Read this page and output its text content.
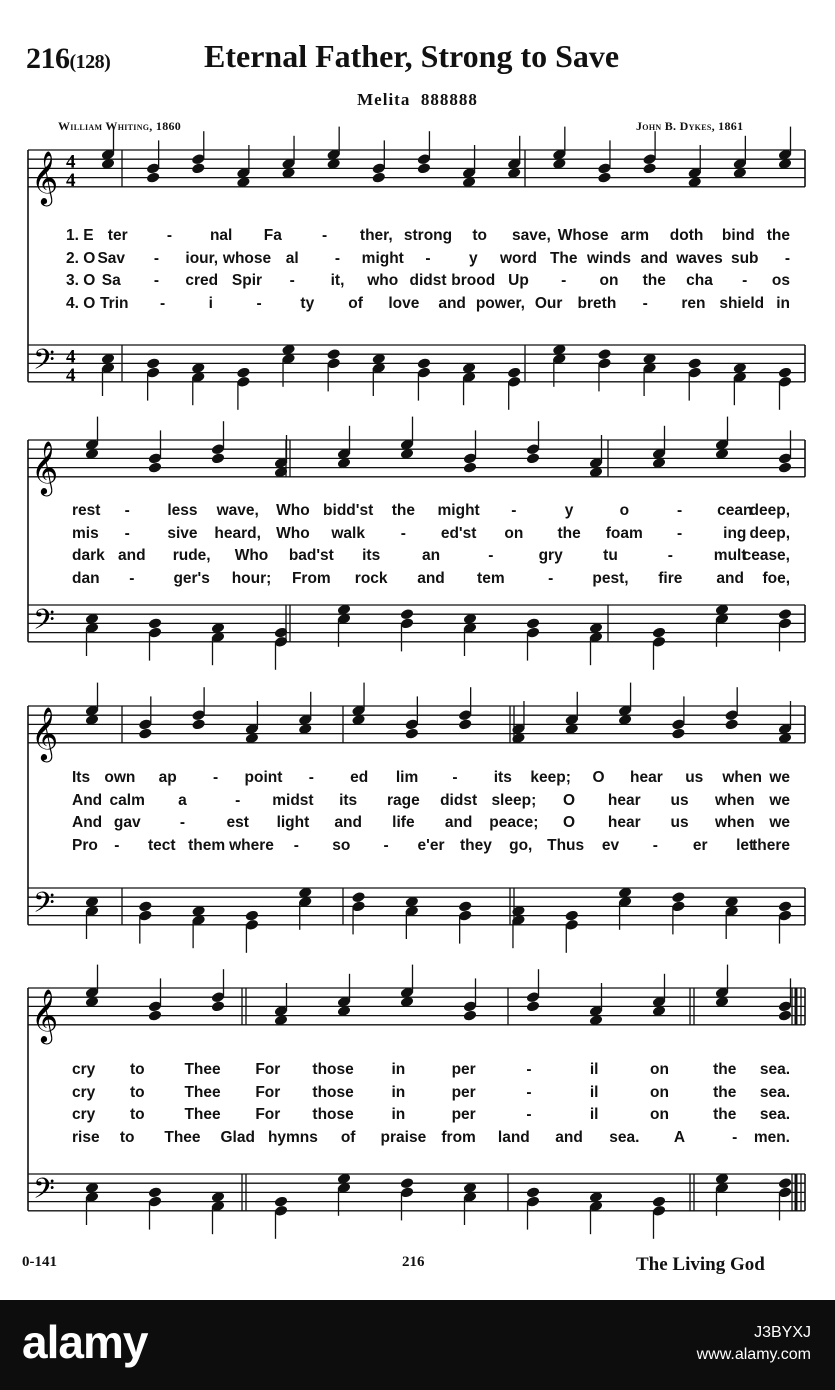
216(128)	Eternal Father, Strong to Save
Melita 888888
William Whiting, 1860	John B. Dykes, 1861
𝄞
𝄢
4
4
4
4
𝄞
𝄢
𝄞
𝄢
𝄞
𝄢
1. E ter	- nal Fa	- ther, strong to save, Whose arm doth bind the
2. O Sav - iour, whose al - might - y word The winds and waves sub -
3. O Sa - cred Spir - it, who didst brood Up - on the cha - os
4. O Trin -	i	-	ty of love and power, Our breth - ren shield in
rest - less wave, Who bidd'st the might -	y	o	- cean
deep,
mis - sive heard, Who walk - ed'st on the foam -	ing deep,
dark and rude, Who bad'st its	an	-	gry	tu	-	mult
cease,
dan -	ger's hour; From rock and tem	-	pest, fire and foe,
Its own ap - point - ed lim - its keep; O hear us when we
And calm a	- midst its rage didst sleep; O hear us when we
And gav	-	est light and life and peace; O hear us when we
Pro - tect them where - so - e'er they go, Thus ev - er let
there
cry to	Thee For those in	per	-	il	on	the sea.
cry to	Thee For those in	per	-	il	on	the sea.
cry to	Thee For those in	per	-	il	on	the sea.
rise to Thee Glad hymns of praise from land and sea. A	- men.
0-141	216	The Living God
alamy	J3BYXJ
www.alamy.com
